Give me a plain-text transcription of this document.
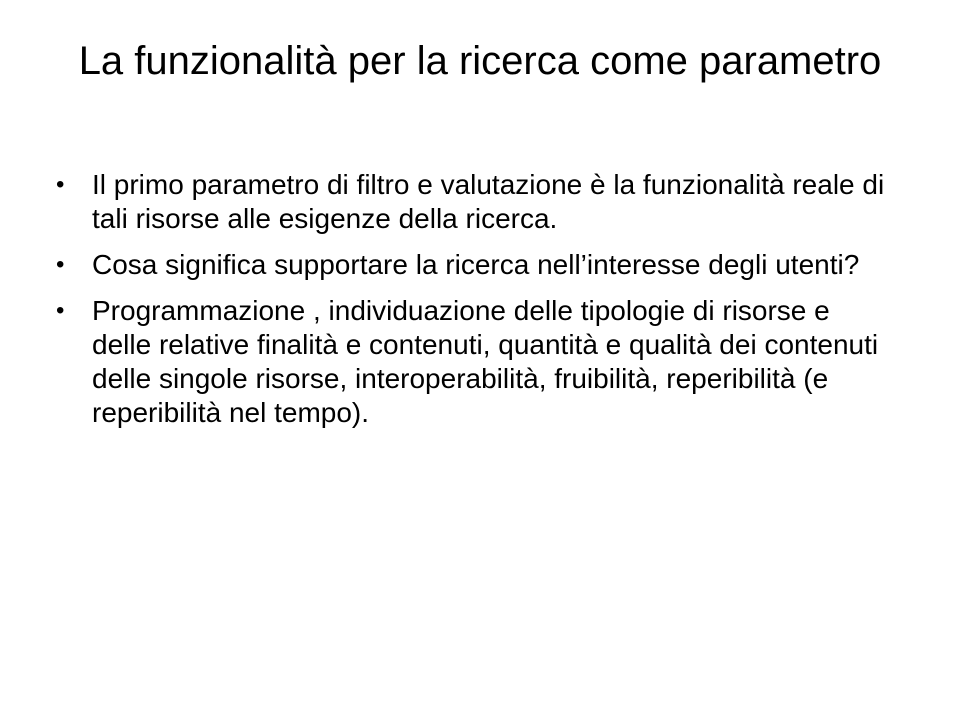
La funzionalità per la ricerca come parametro
• Il primo parametro di filtro e valutazione è la funzionalità reale di tali risorse alle esigenze della ricerca.
• Cosa significa supportare la ricerca nell’interesse degli utenti?
• Programmazione , individuazione delle tipologie di risorse e delle relative finalità e contenuti, quantità e qualità dei contenuti delle singole risorse, interoperabilità, fruibilità, reperibilità (e reperibilità nel tempo).
